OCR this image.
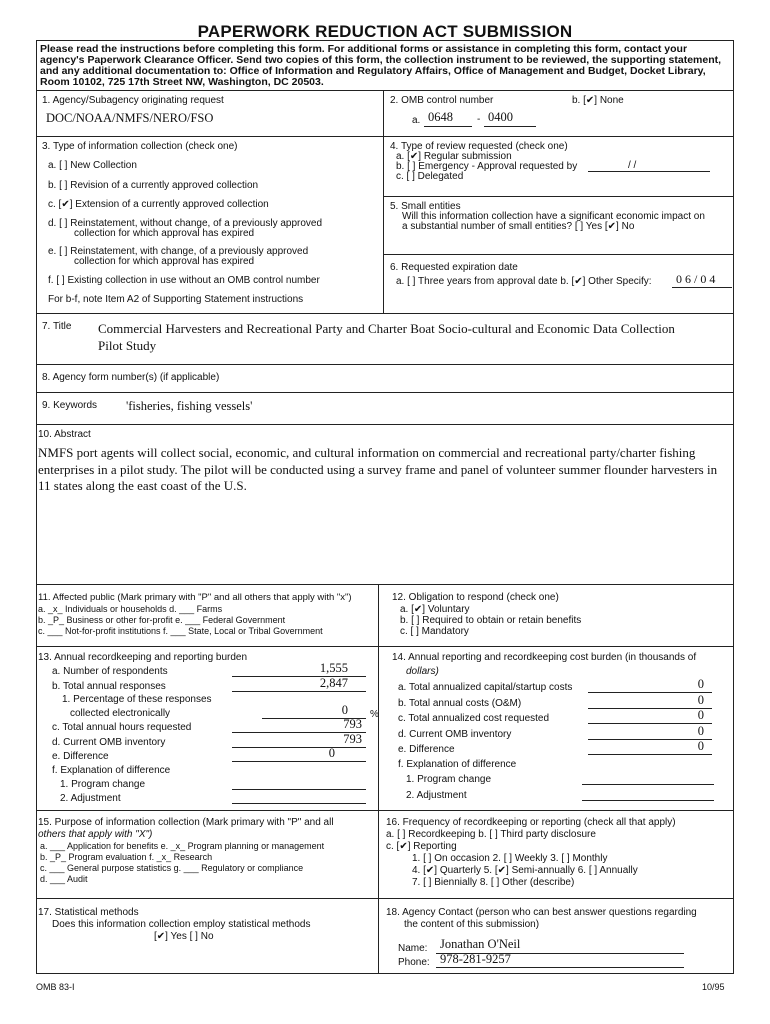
PAPERWORK REDUCTION ACT SUBMISSION
Please read the instructions before completing this form. For additional forms or assistance in completing this form, contact your agency's Paperwork Clearance Officer. Send two copies of this form, the collection instrument to be reviewed, the supporting statement, and any additional documentation to: Office of Information and Regulatory Affairs, Office of Management and Budget, Docket Library, Room 10102, 725 17th Street NW, Washington, DC 20503.
1. Agency/Subagency originating request
DOC/NOAA/NMFS/NERO/FSO
2. OMB control number	b. [✔] None
a. 0648 - 0400
3. Type of information collection (check one)
a. [ ] New Collection
b. [ ] Revision of a currently approved collection
c. [✔] Extension of a currently approved collection
d. [ ] Reinstatement, without change, of a previously approved
collection for which approval has expired
e. [ ] Reinstatement, with change, of a previously approved
collection for which approval has expired
f. [ ] Existing collection in use without an OMB control number
For b-f, note Item A2 of Supporting Statement instructions
4. Type of review requested (check one)
a. [✔] Regular submission
b. [ ] Emergency - Approval requested by	/ /
c. [ ] Delegated
5. Small entities
Will this information collection have a significant economic impact on
a substantial number of small entities? [ ] Yes [✔] No
6. Requested expiration date
a. [ ] Three years from approval date b. [✔] Other Specify: 0 6 / 0 4
7. Title Commercial Harvesters and Recreational Party and Charter Boat Socio-cultural and Economic Data Collection Pilot Study
8. Agency form number(s) (if applicable)
9. Keywords 'fisheries, fishing vessels'
10. Abstract
NMFS port agents will collect social, economic, and cultural information on commercial and recreational party/charter fishing enterprises in a pilot study. The pilot will be conducted using a survey frame and panel of volunteer summer flounder harvesters in 11 states along the east coast of the U.S.
11. Affected public (Mark primary with "P" and all others that apply with "x")
a. _x_ Individuals or households d. ___ Farms
b. _P_ Business or other for-profit e. ___ Federal Government
c. ___ Not-for-profit institutions f. ___ State, Local or Tribal Government
12. Obligation to respond (check one)
a. [✔] Voluntary
b. [ ] Required to obtain or retain benefits
c. [ ] Mandatory
13. Annual recordkeeping and reporting burden
a. Number of respondents	1,555
b. Total annual responses	2,847
1. Percentage of these responses
collected electronically	0 %
c. Total annual hours requested	793
d. Current OMB inventory	793
e. Difference	0
f. Explanation of difference
1. Program change
2. Adjustment
14. Annual reporting and recordkeeping cost burden (in thousands of
dollars)
a. Total annualized capital/startup costs	0
b. Total annual costs (O&M)	0
c. Total annualized cost requested	0
d. Current OMB inventory	0
e. Difference	0
f. Explanation of difference
1. Program change
2. Adjustment
15. Purpose of information collection (Mark primary with "P" and all
others that apply with "X")
a. ___ Application for benefits e. _x_ Program planning or management
b. _P_ Program evaluation f. _x_ Research
c. ___ General purpose statistics g. ___ Regulatory or compliance
d. ___ Audit
16. Frequency of recordkeeping or reporting (check all that apply)
a. [ ] Recordkeeping b. [ ] Third party disclosure
c. [✔] Reporting
1. [ ] On occasion 2. [ ] Weekly 3. [ ] Monthly
4. [✔] Quarterly 5. [✔] Semi-annually 6. [ ] Annually
7. [ ] Biennially 8. [ ] Other (describe)
17. Statistical methods
Does this information collection employ statistical methods
[✔] Yes [ ] No
18. Agency Contact (person who can best answer questions regarding
the content of this submission)
Name: Jonathan O'Neil
Phone: 978-281-9257
OMB 83-I	10/95
